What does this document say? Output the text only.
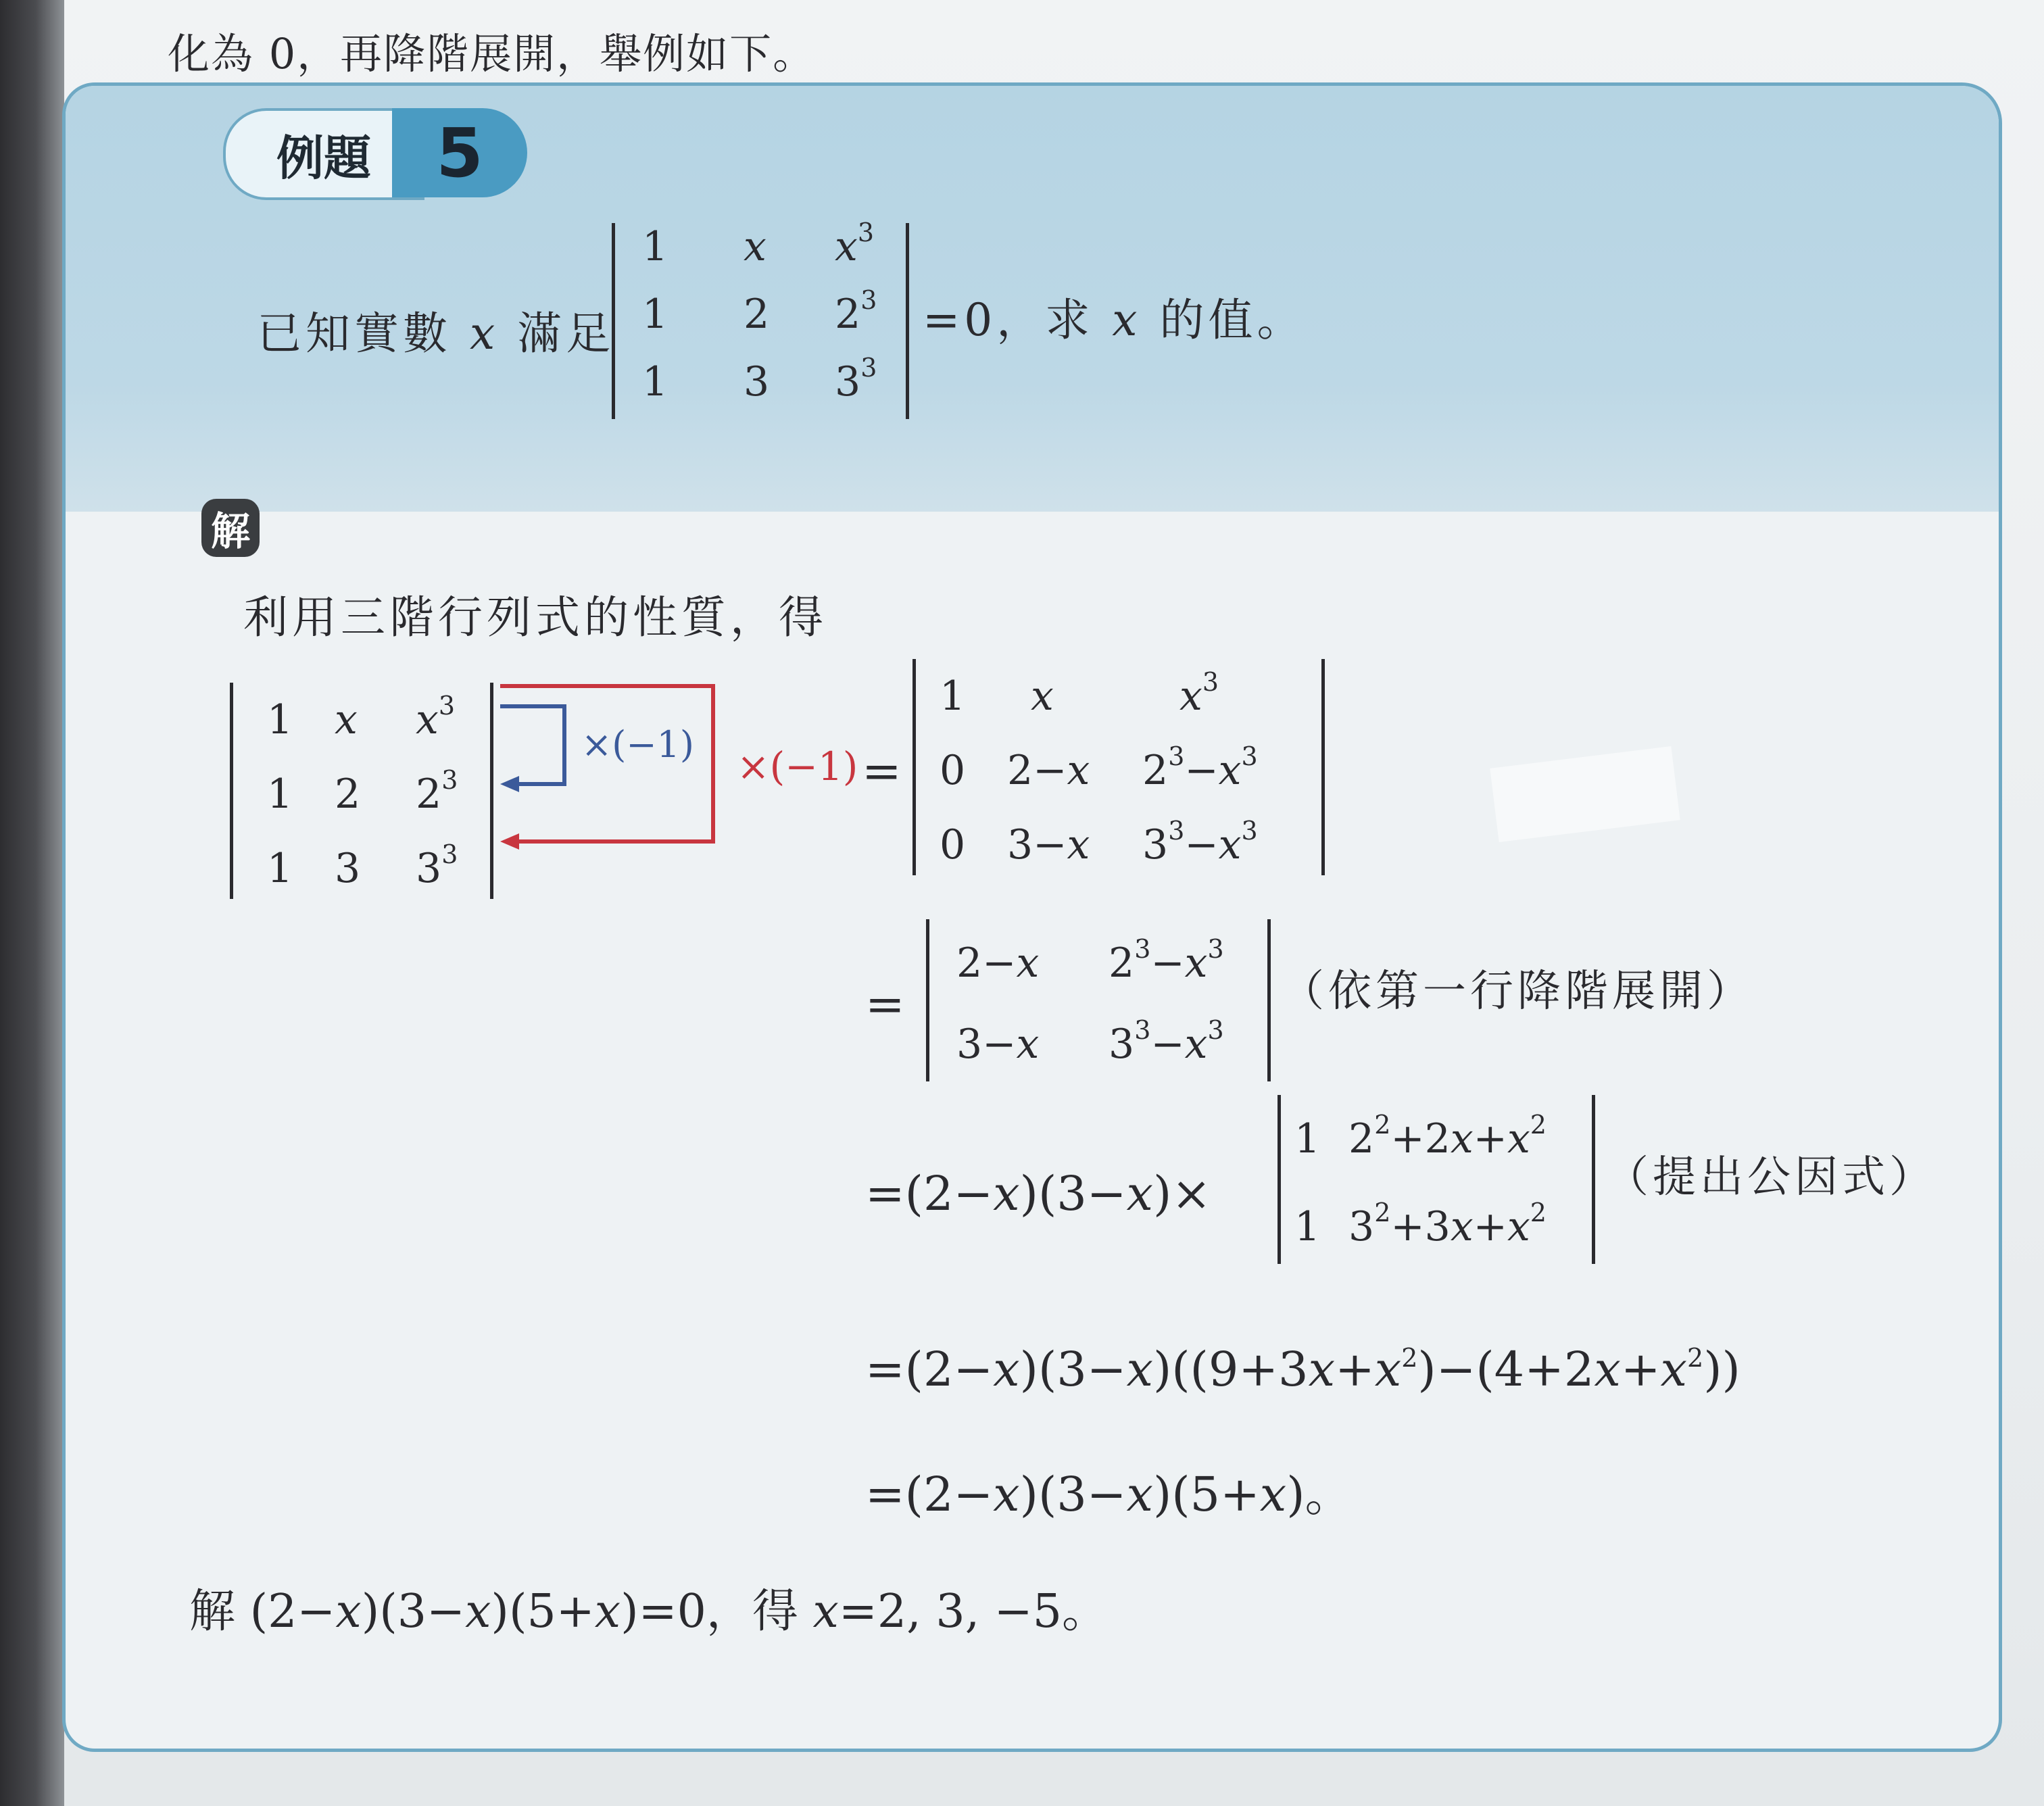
化為 0，再降階展開，舉例如下。
例題 5
已知實數 x 滿足
1 x $x^3$
1 2 $2^3$
1 3 $3^3$
=0，求 x 的值。
解
利用三階行列式的性質，得
1 x $x^3$
1 2 $2^3$
1 3 $3^3$
×(−1) ×(−1) =
1 x	$x^3$
0 2−x $2^3-x^3$
0 3−x $3^3-x^3$
=
2−x $2^3-x^3$
3−x $3^3-x^3$
（依第一行降階展開）
=(2−x)(3−x)×
1 $2^2+2x+x^2$
1 $3^2+3x+x^2$
（提出公因式）
$=(2-x)(3-x)((9+3x+x^2)-(4+2x+x^2))$
=(2−x)(3−x)(5+x)。
解 (2−x)(3−x)(5+x)=0，得 x=2, 3, −5。
